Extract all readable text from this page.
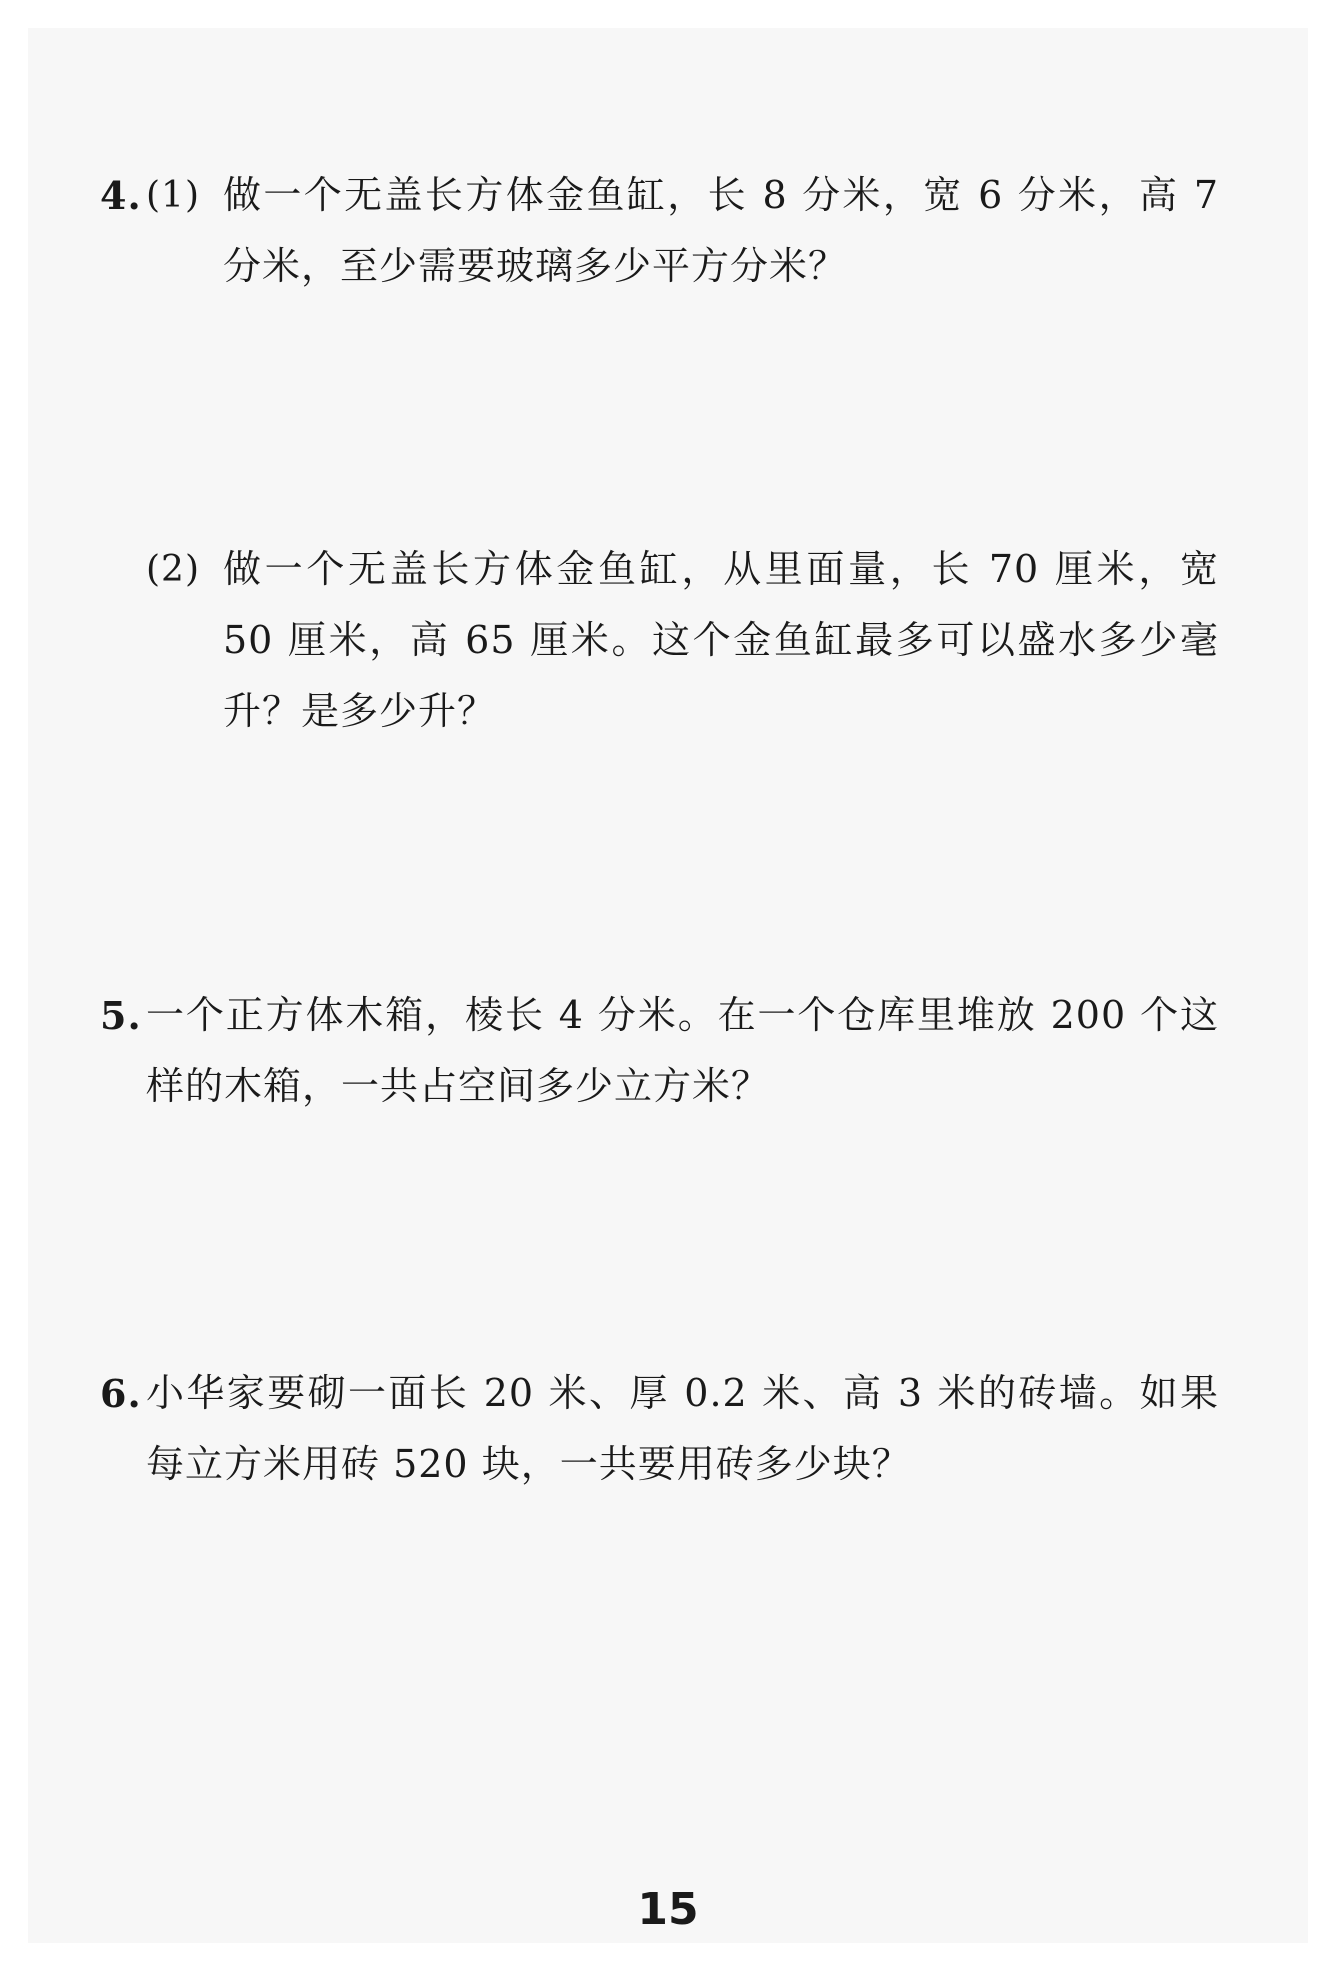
4. (1) 做一个无盖长方体金鱼缸，长 8 分米，宽 6 分米，高 7 分米，至少需要玻璃多少平方分米？
(2) 做一个无盖长方体金鱼缸，从里面量，长 70 厘米，宽 50 厘米，高 65 厘米。这个金鱼缸最多可以盛水多少毫升？是多少升？
5. 一个正方体木箱，棱长 4 分米。在一个仓库里堆放 200 个这样的木箱，一共占空间多少立方米？
6. 小华家要砌一面长 20 米、厚 0.2 米、高 3 米的砖墙。如果每立方米用砖 520 块，一共要用砖多少块？
15
